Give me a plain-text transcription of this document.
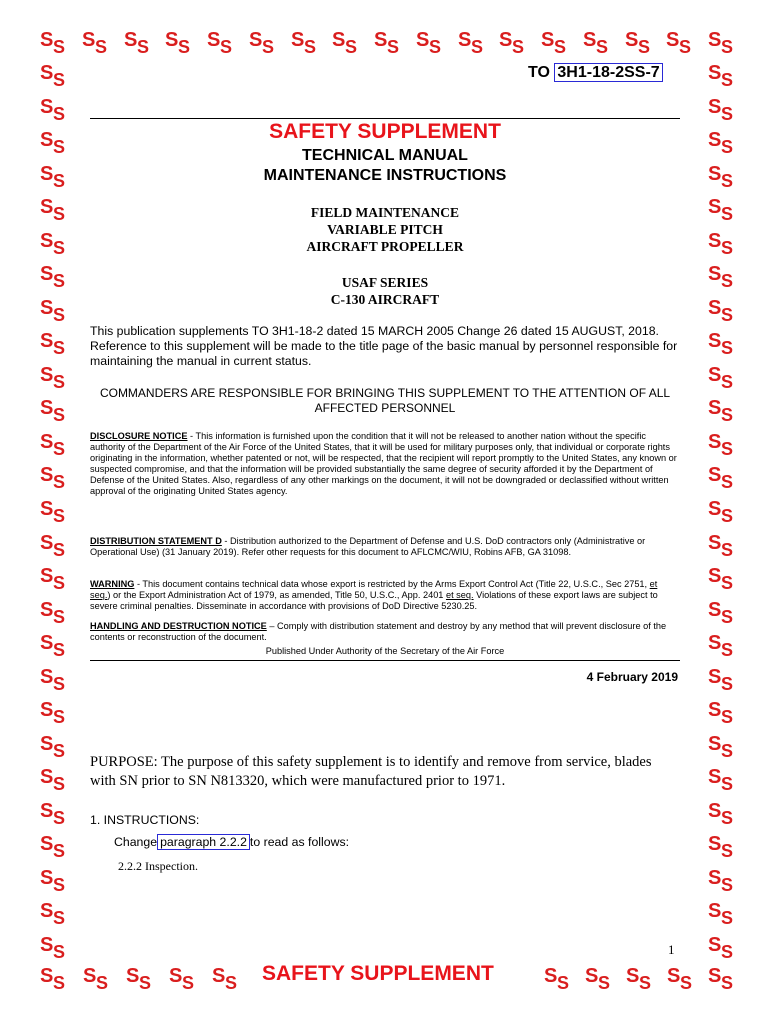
S S S S S S S S S S S S S S S S S S S S S S S S S S S S S S S S S S
S S	S S
S S	S S
S S	S S
S S	S S
S S	S S
S S	S S
S S	S S
S S	S S
S S	S S
S S	S S
S S	S S
S S	S S
S S	S S
S S	S S
S S	S S
S S	S S
S S	S S
S S	S S
S S	S S
S S	S S
S S	S S
S S	S S
S S	S S
S S	S S
S S	S S
S S	S S
S S	S S
S S S S S S S S S S	S S S S S S S S S S
TO 3H1-18-2SS-7
SAFETY SUPPLEMENT
TECHNICAL MANUAL
MAINTENANCE INSTRUCTIONS
FIELD MAINTENANCE
VARIABLE PITCH
AIRCRAFT PROPELLER
USAF SERIES
C-130 AIRCRAFT
This publication supplements TO 3H1-18-2 dated 15 MARCH 2005 Change 26 dated 15 AUGUST, 2018. Reference to this supplement will be made to the title page of the basic manual by personnel responsible for maintaining the manual in current status.
COMMANDERS ARE RESPONSIBLE FOR BRINGING THIS SUPPLEMENT TO THE ATTENTION OF ALL AFFECTED PERSONNEL
DISCLOSURE NOTICE - This information is furnished upon the condition that it will not be released to another nation without the specific authority of the Department of the Air Force of the United States, that it will be used for military purposes only, that individual or corporate rights originating in the information, whether patented or not, will be respected, that the recipient will report promptly to the United States, any known or suspected compromise, and that the information will be provided substantially the same degree of security afforded it by the Department of Defense of the United States. Also, regardless of any other markings on the document, it will not be downgraded or declassified without written approval of the originating United States agency.
DISTRIBUTION STATEMENT D - Distribution authorized to the Department of Defense and U.S. DoD contractors only (Administrative or Operational Use) (31 January 2019). Refer other requests for this document to AFLCMC/WIU, Robins AFB, GA 31098.
WARNING - This document contains technical data whose export is restricted by the Arms Export Control Act (Title 22, U.S.C., Sec 2751, et seq.) or the Export Administration Act of 1979, as amended, Title 50, U.S.C., App. 2401 et seq. Violations of these export laws are subject to severe criminal penalties. Disseminate in accordance with provisions of DoD Directive 5230.25.
HANDLING AND DESTRUCTION NOTICE – Comply with distribution statement and destroy by any method that will prevent disclosure of the contents or reconstruction of the document.
Published Under Authority of the Secretary of the Air Force
4 February 2019
PURPOSE: The purpose of this safety supplement is to identify and remove from service, blades with SN prior to SN N813320, which were manufactured prior to 1971.
1. INSTRUCTIONS:
Change paragraph 2.2.2 to read as follows:
2.2.2 Inspection.
1
SAFETY SUPPLEMENT
